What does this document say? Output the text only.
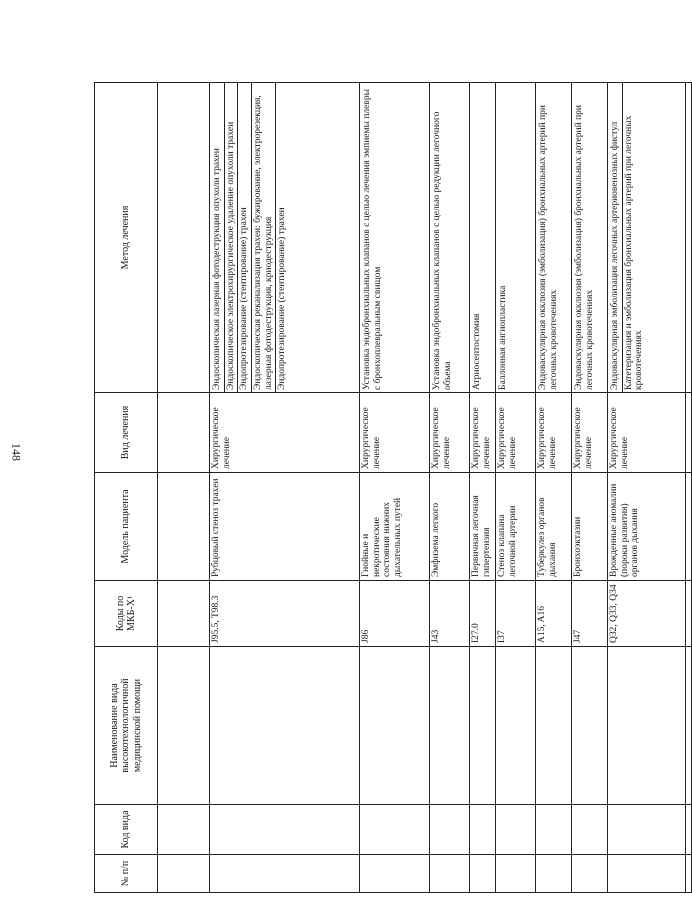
148
№ п/п	Код вида	Наименование вида высокотехнологичной медицинской помощи	Коды по МКБ-X¹	Модель пациента	Вид лечения	Метод лечения

			J95.5, T98.3	Рубцовый стеноз трахеи	Хирургическое лечение	Эндоскопическая лазерная фотодеструкция опухоли трахеи Эндоскопическое электрохирургическое удаление опухоли трахеи Эндопротезирование (стентирование) трахеи Эндоскопическая реканализация трахеи: бужирование, электрорезекция, лазерная фотодеструкция, криодеструкция Эндопротезирование (стентирование) трахеи

			J86	Гнойные и некротические состояния нижних дыхательных путей	Хирургическое лечение	Установка эндобронхиальных клапанов с целью лечения эмпиемы плевры с бронхоплевральным свищом

			J43	Эмфизема легкого	Хирургическое лечение	Установка эндобронхиальных клапанов с целью редукции легочного объема

			I27.0	Первичная легочная гипертензия	Хирургическое лечение	Атриосептостомия

			I37	Стеноз клапана легочной артерии	Хирургическое лечение	Баллонная ангиопластика

			A15, A16	Туберкулез органов дыхания	Хирургическое лечение	Эндоваскулярная окклюзия (эмболизация) бронхиальных артерий при легочных кровотечениях

			J47	Бронхоэктазии	Хирургическое лечение	Эндоваскулярная окклюзия (эмболизация) бронхиальных артерий при легочных кровотечениях

			Q32, Q33, Q34	Врожденные аномалии (пороки развития) органов дыхания	Хирургическое лечение	Эндоваскулярная эмболизация легочных артериовенозных фистул Катетеризация и эмболизация бронхиальных артерий при легочных кровотечениях
